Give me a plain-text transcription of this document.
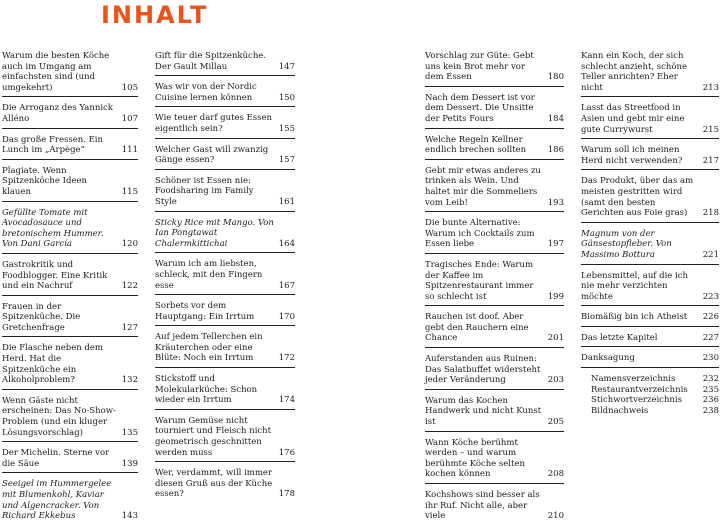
INHALT
Warum die besten Köche auch im Umgang am einfachsten sind (und umgekehrt)	105
Die Arroganz des Yannick Alléno	107
Das große Fressen. Ein Lunch im „Arpège“	111
Plagiate. Wenn Spitzenköche Ideen klauen	115
Gefüllte Tomate mit Avocadosauce und bretonischem Hummer. Von Dani García	120
Gastrokritik und Foodblogger. Eine Kritik und ein Nachruf	122
Frauen in der Spitzenküche. Die Gretchenfrage	127
Die Flasche neben dem Herd. Hat die Spitzenküche ein Alkoholproblem?	132
Wenn Gäste nicht erscheinen: Das No-Show-Problem (und ein kluger Lösungsvorschlag)	135
Der Michelin. Sterne vor die Säue	139
Seeigel im Hummergelee mit Blumenkohl, Kaviar und Algencracker. Von Richard Ekkebus	143
Gift für die Spitzenküche. Der Gault Millau	147
Was wir von der Nordic Cuisine lernen können	150
Wie teuer darf gutes Essen eigentlich sein?	155
Welcher Gast will zwanzig Gänge essen?	157
Schöner ist Essen nie: Foodsharing im Family Style	161
Sticky Rice mit Mango. Von Ian Pongtawat Chalermkittichai	164
Warum ich am liebsten, schleck, mit den Fingern esse	167
Sorbets vor dem Hauptgang: Ein Irrtum	170
Auf jedem Tellerchen ein Kräuterchen oder eine Blüte: Noch ein Irrtum	172
Stickstoff und Molekularküche: Schon wieder ein Irrtum	174
Warum Gemüse nicht tourniert und Fleisch nicht geometrisch geschnitten werden muss	176
Wer, verdammt, will immer diesen Gruß aus der Küche essen?	178
Vorschlag zur Güte: Gebt uns kein Brot mehr vor dem Essen	180
Nach dem Dessert ist vor dem Dessert. Die Unsitte der Petits Fours	184
Welche Regeln Kellner endlich brechen sollten	186
Gebt mir etwas anderes zu trinken als Wein. Und haltet mir die Sommeliers vom Leib!	193
Die bunte Alternative: Warum ich Cocktails zum Essen liebe	197
Tragisches Ende: Warum der Kaffee im Spitzenrestaurant immer so schlecht ist	199
Rauchen ist doof. Aber gebt den Rauchern eine Chance	201
Auferstanden aus Ruinen: Das Salatbuffet widersteht jeder Veränderung	203
Warum das Kochen Handwerk und nicht Kunst ist	205
Wann Köche berühmt werden – und warum berühmte Köche selten kochen können	208
Kochshows sind besser als ihr Ruf. Nicht alle, aber viele	210
Kann ein Koch, der sich schlecht anzieht, schöne Teller anrichten? Eher nicht	213
Lasst das Streetfood in Asien und gebt mir eine gute Currywurst	215
Warum soll ich meinen Herd nicht verwenden? 217
Das Produkt, über das am meisten gestritten wird (samt den besten Gerichten aus Foie gras) 218
Magnum von der Gänsestopfleber. Von Massimo Bottura	221
Lebensmittel, auf die ich nie mehr verzichten möchte	223
Biomäßig bin ich Atheist 226
Das letzte Kapitel	227
Danksagung	230
Namensverzeichnis	232
Restaurantverzeichnis 235
Stichwortverzeichnis 236
Bildnachweis	238
